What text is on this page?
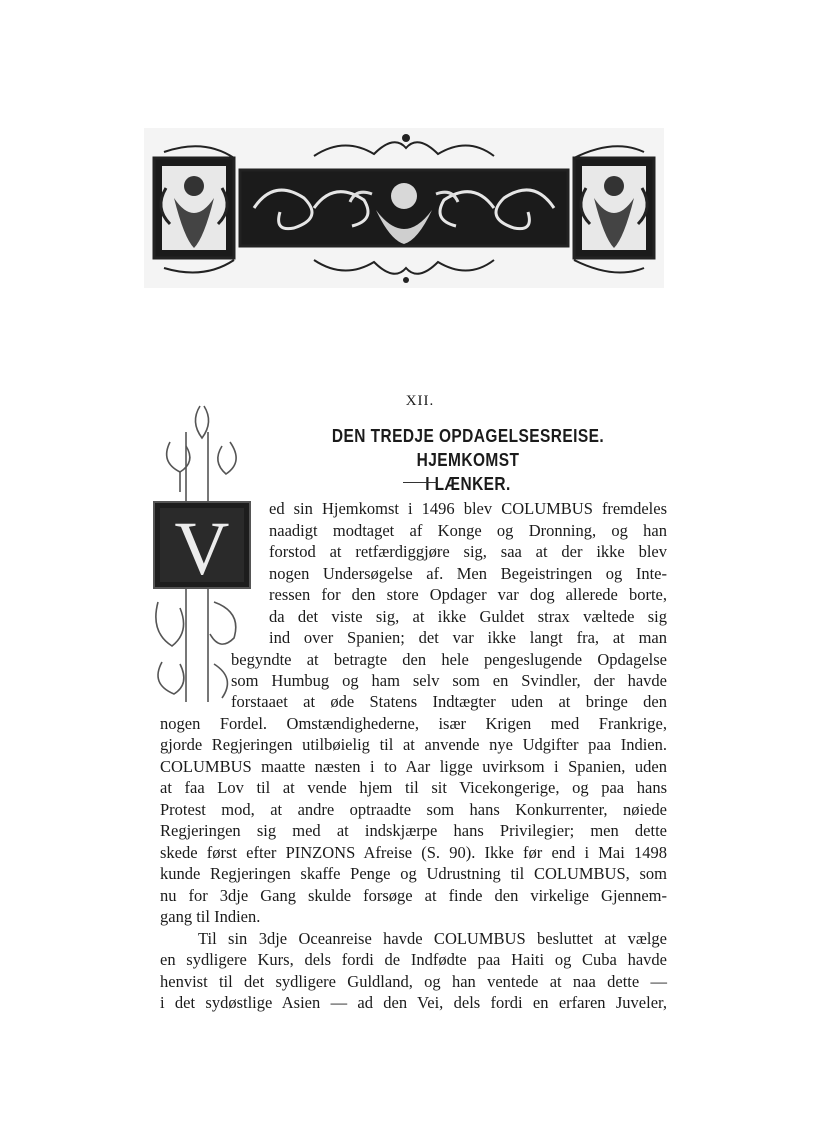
XII.
DEN TREDJE OPDAGELSESREISE. HJEMKOMST
I LÆNKER.
V ed sin Hjemkomst i 1496 blev COLUMBUS fremdeles
naadigt modtaget af Konge og Dronning, og han
forstod at retfærdiggjøre sig, saa at der ikke blev
nogen Undersøgelse af. Men Begeistringen og Inte-
ressen for den store Opdager var dog allerede borte,
da det viste sig, at ikke Guldet strax væltede sig
ind over Spanien; det var ikke langt fra, at man
begyndte at betragte den hele pengeslugende Opdagelse
som Humbug og ham selv som en Svindler, der havde
forstaaet at øde Statens Indtægter uden at bringe den
nogen Fordel. Omstændighederne, især Krigen med Frankrige,
gjorde Regjeringen utilbøielig til at anvende nye Udgifter paa Indien.
COLUMBUS maatte næsten i to Aar ligge uvirksom i Spanien, uden
at faa Lov til at vende hjem til sit Vicekongerige, og paa hans
Protest mod, at andre optraadte som hans Konkurrenter, nøiede
Regjeringen sig med at indskjærpe hans Privilegier; men dette
skede først efter PINZONS Afreise (S. 90). Ikke før end i Mai 1498
kunde Regjeringen skaffe Penge og Udrustning til COLUMBUS, som
nu for 3dje Gang skulde forsøge at finde den virkelige Gjennem-
gang til Indien.
Til sin 3dje Oceanreise havde COLUMBUS besluttet at vælge
en sydligere Kurs, dels fordi de Indfødte paa Haiti og Cuba havde
henvist til det sydligere Guldland, og han ventede at naa dette —
i det sydøstlige Asien — ad den Vei, dels fordi en erfaren Juveler,
